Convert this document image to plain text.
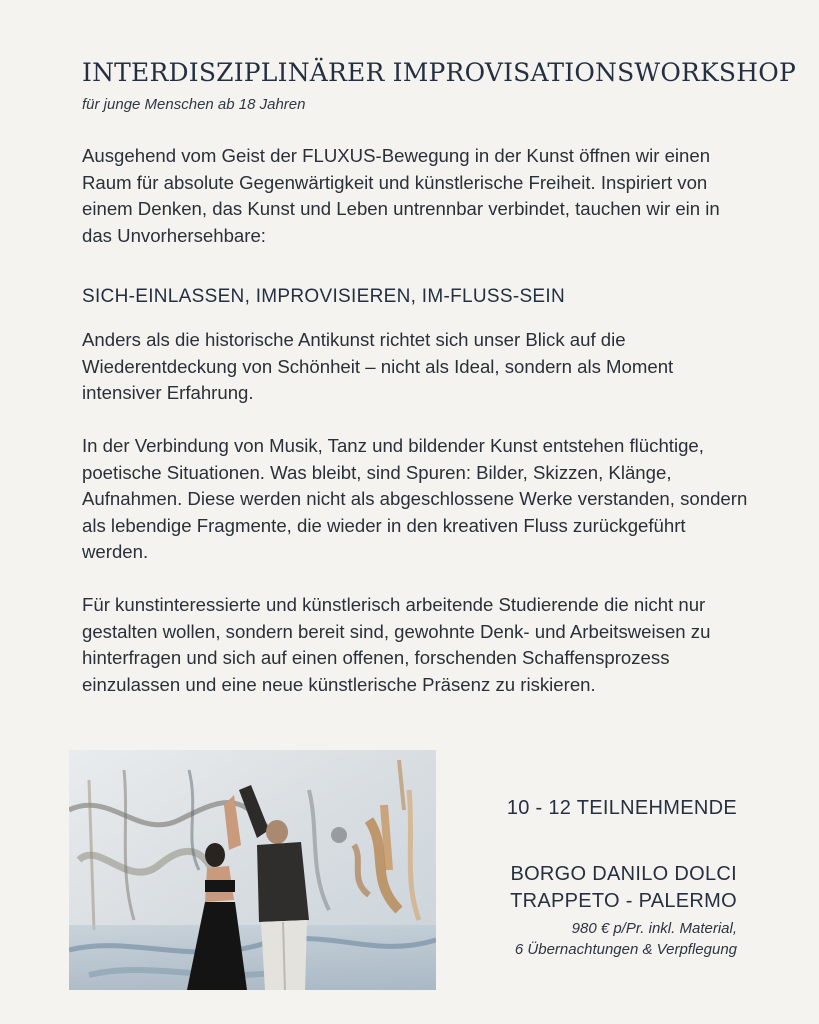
INTERDISZIPLINÄRER IMPROVISATIONSWORKSHOP
für junge Menschen ab 18 Jahren
Ausgehend vom Geist der FLUXUS-Bewegung in der Kunst öffnen wir einen Raum für absolute Gegenwärtigkeit und künstlerische Freiheit. Inspiriert von einem Denken, das Kunst und Leben untrennbar verbindet, tauchen wir ein in das Unvorhersehbare:
SICH-EINLASSEN, IMPROVISIEREN, IM-FLUSS-SEIN
Anders als die historische Antikunst richtet sich unser Blick auf die Wiederentdeckung von Schönheit – nicht als Ideal, sondern als Moment intensiver Erfahrung.
In der Verbindung von Musik, Tanz und bildender Kunst entstehen flüchtige, poetische Situationen. Was bleibt, sind Spuren: Bilder, Skizzen, Klänge, Aufnahmen. Diese werden nicht als abgeschlossene Werke verstanden, sondern als lebendige Fragmente, die wieder in den kreativen Fluss zurückgeführt werden.
Für kunstinteressierte und künstlerisch arbeitende Studierende die nicht nur gestalten wollen, sondern bereit sind, gewohnte Denk- und Arbeitsweisen zu hinterfragen und sich auf einen offenen, forschenden Schaffensprozess einzulassen und eine neue künstlerische Präsenz zu riskieren.
10 - 12 TEILNEHMENDE
BORGO DANILO DOLCI
TRAPPETO - PALERMO
980 € p/Pr. inkl. Material,
6 Übernachtungen & Verpflegung
